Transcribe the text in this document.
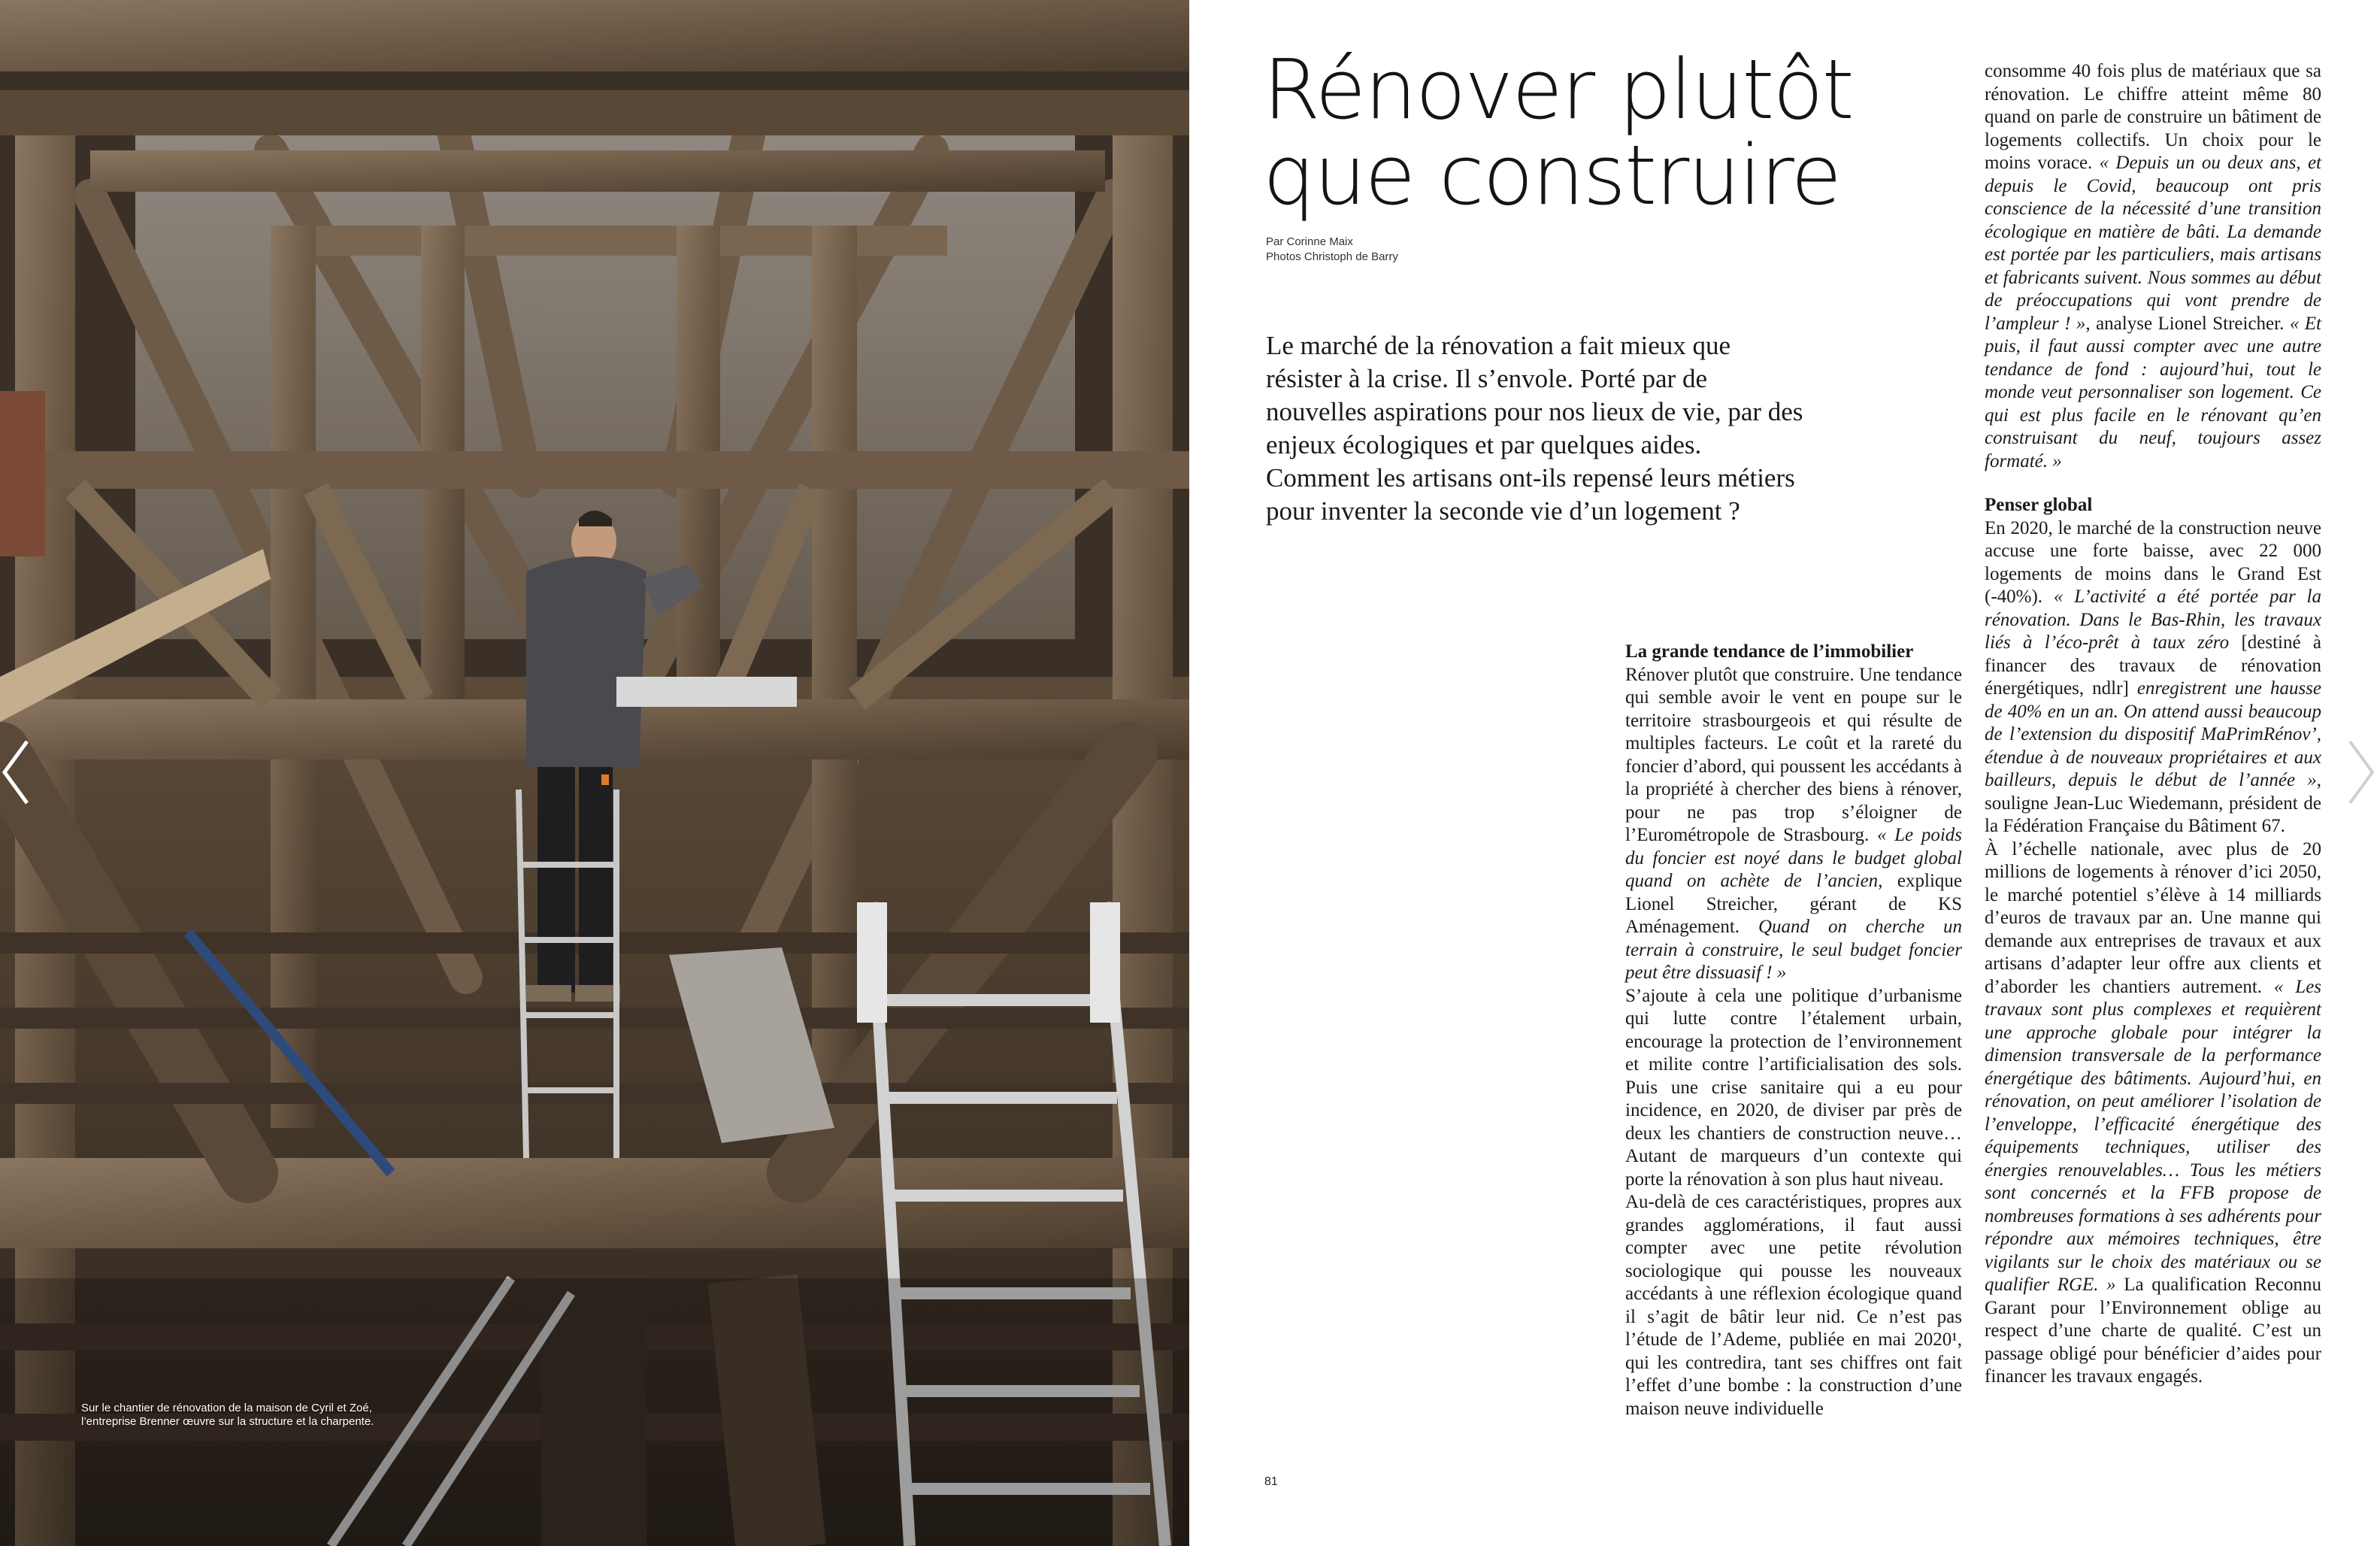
Sur le chantier de rénovation de la maison de Cyril et Zoé, l’entreprise Brenner œuvre sur la structure et la charpente.
Rénover plutôt
que construire
Par Corinne Maix
Photos Christoph de Barry
Le marché de la rénovation a fait mieux que résister à la crise. Il s’envole. Porté par de nouvelles aspirations pour nos lieux de vie, par des enjeux écologiques et par quelques aides. Comment les artisans ont-ils repensé leurs métiers pour inventer la seconde vie d’un logement ?
La grande tendance de l’immobilier

Rénover plutôt que construire. Une tendance qui semble avoir le vent en poupe sur le territoire strasbourgeois et qui résulte de multiples facteurs. Le coût et la rareté du foncier d’abord, qui poussent les accédants à la propriété à chercher des biens à rénover, pour ne pas trop s’éloigner de l’Eurométropole de Strasbourg. « Le poids du foncier est noyé dans le budget global quand on achète de l’ancien, explique Lionel Streicher, gérant de KS Aménagement. Quand on cherche un terrain à construire, le seul budget foncier peut être dissuasif ! »

S’ajoute à cela une politique d’urbanisme qui lutte contre l’étalement urbain, encourage la protection de l’environnement et milite contre l’artificialisation des sols. Puis une crise sanitaire qui a eu pour incidence, en 2020, de diviser par près de deux les chantiers de construction neuve… Autant de marqueurs d’un contexte qui porte la rénovation à son plus haut niveau.

Au-delà de ces caractéristiques, propres aux grandes agglomérations, il faut aussi compter avec une petite révolution sociologique qui pousse les nouveaux accédants à une réflexion écologique quand il s’agit de bâtir leur nid. Ce n’est pas l’étude de l’Ademe, publiée en mai 2020¹, qui les contredira, tant ses chiffres ont fait l’effet d’une bombe : la construction d’une maison neuve individuelle

consomme 40 fois plus de matériaux que sa rénovation. Le chiffre atteint même 80 quand on parle de construire un bâtiment de logements collectifs. Un choix pour le moins vorace. « Depuis un ou deux ans, et depuis le Covid, beaucoup ont pris conscience de la nécessité d’une transition écologique en matière de bâti. La demande est portée par les particuliers, mais artisans et fabricants suivent. Nous sommes au début de préoccupations qui vont prendre de l’ampleur ! », analyse Lionel Streicher. « Et puis, il faut aussi compter avec une autre tendance de fond : aujourd’hui, tout le monde veut personnaliser son logement. Ce qui est plus facile en le rénovant qu’en construisant du neuf, toujours assez formaté. »

Penser global

En 2020, le marché de la construction neuve accuse une forte baisse, avec 22 000 logements de moins dans le Grand Est (-40%). « L’activité a été portée par la rénovation. Dans le Bas-Rhin, les travaux liés à l’éco-prêt à taux zéro [destiné à financer des travaux de rénovation énergétiques, ndlr] enregistrent une hausse de 40% en un an. On attend aussi beaucoup de l’extension du dispositif MaPrimRénov’, étendue à de nouveaux propriétaires et aux bailleurs, depuis le début de l’année », souligne Jean-Luc Wiedemann, président de la Fédération Française du Bâtiment 67.

À l’échelle nationale, avec plus de 20 millions de logements à rénover d’ici 2050, le marché potentiel s’élève à 14 milliards d’euros de travaux par an. Une manne qui demande aux entreprises de travaux et aux artisans d’adapter leur offre aux clients et d’aborder les chantiers autrement. « Les travaux sont plus complexes et requièrent une approche globale pour intégrer la dimension transversale de la performance énergétique des bâtiments. Aujourd’hui, en rénovation, on peut améliorer l’isolation de l’enveloppe, l’efficacité énergétique des équipements techniques, utiliser des énergies renouvelables… Tous les métiers sont concernés et la FFB propose de nombreuses formations à ses adhérents pour répondre aux mémoires techniques, être vigilants sur le choix des matériaux ou se qualifier RGE. » La qualification Reconnu Garant pour l’Environnement oblige au respect d’une charte de qualité. C’est un passage obligé pour bénéficier d’aides pour financer les travaux engagés.

81
